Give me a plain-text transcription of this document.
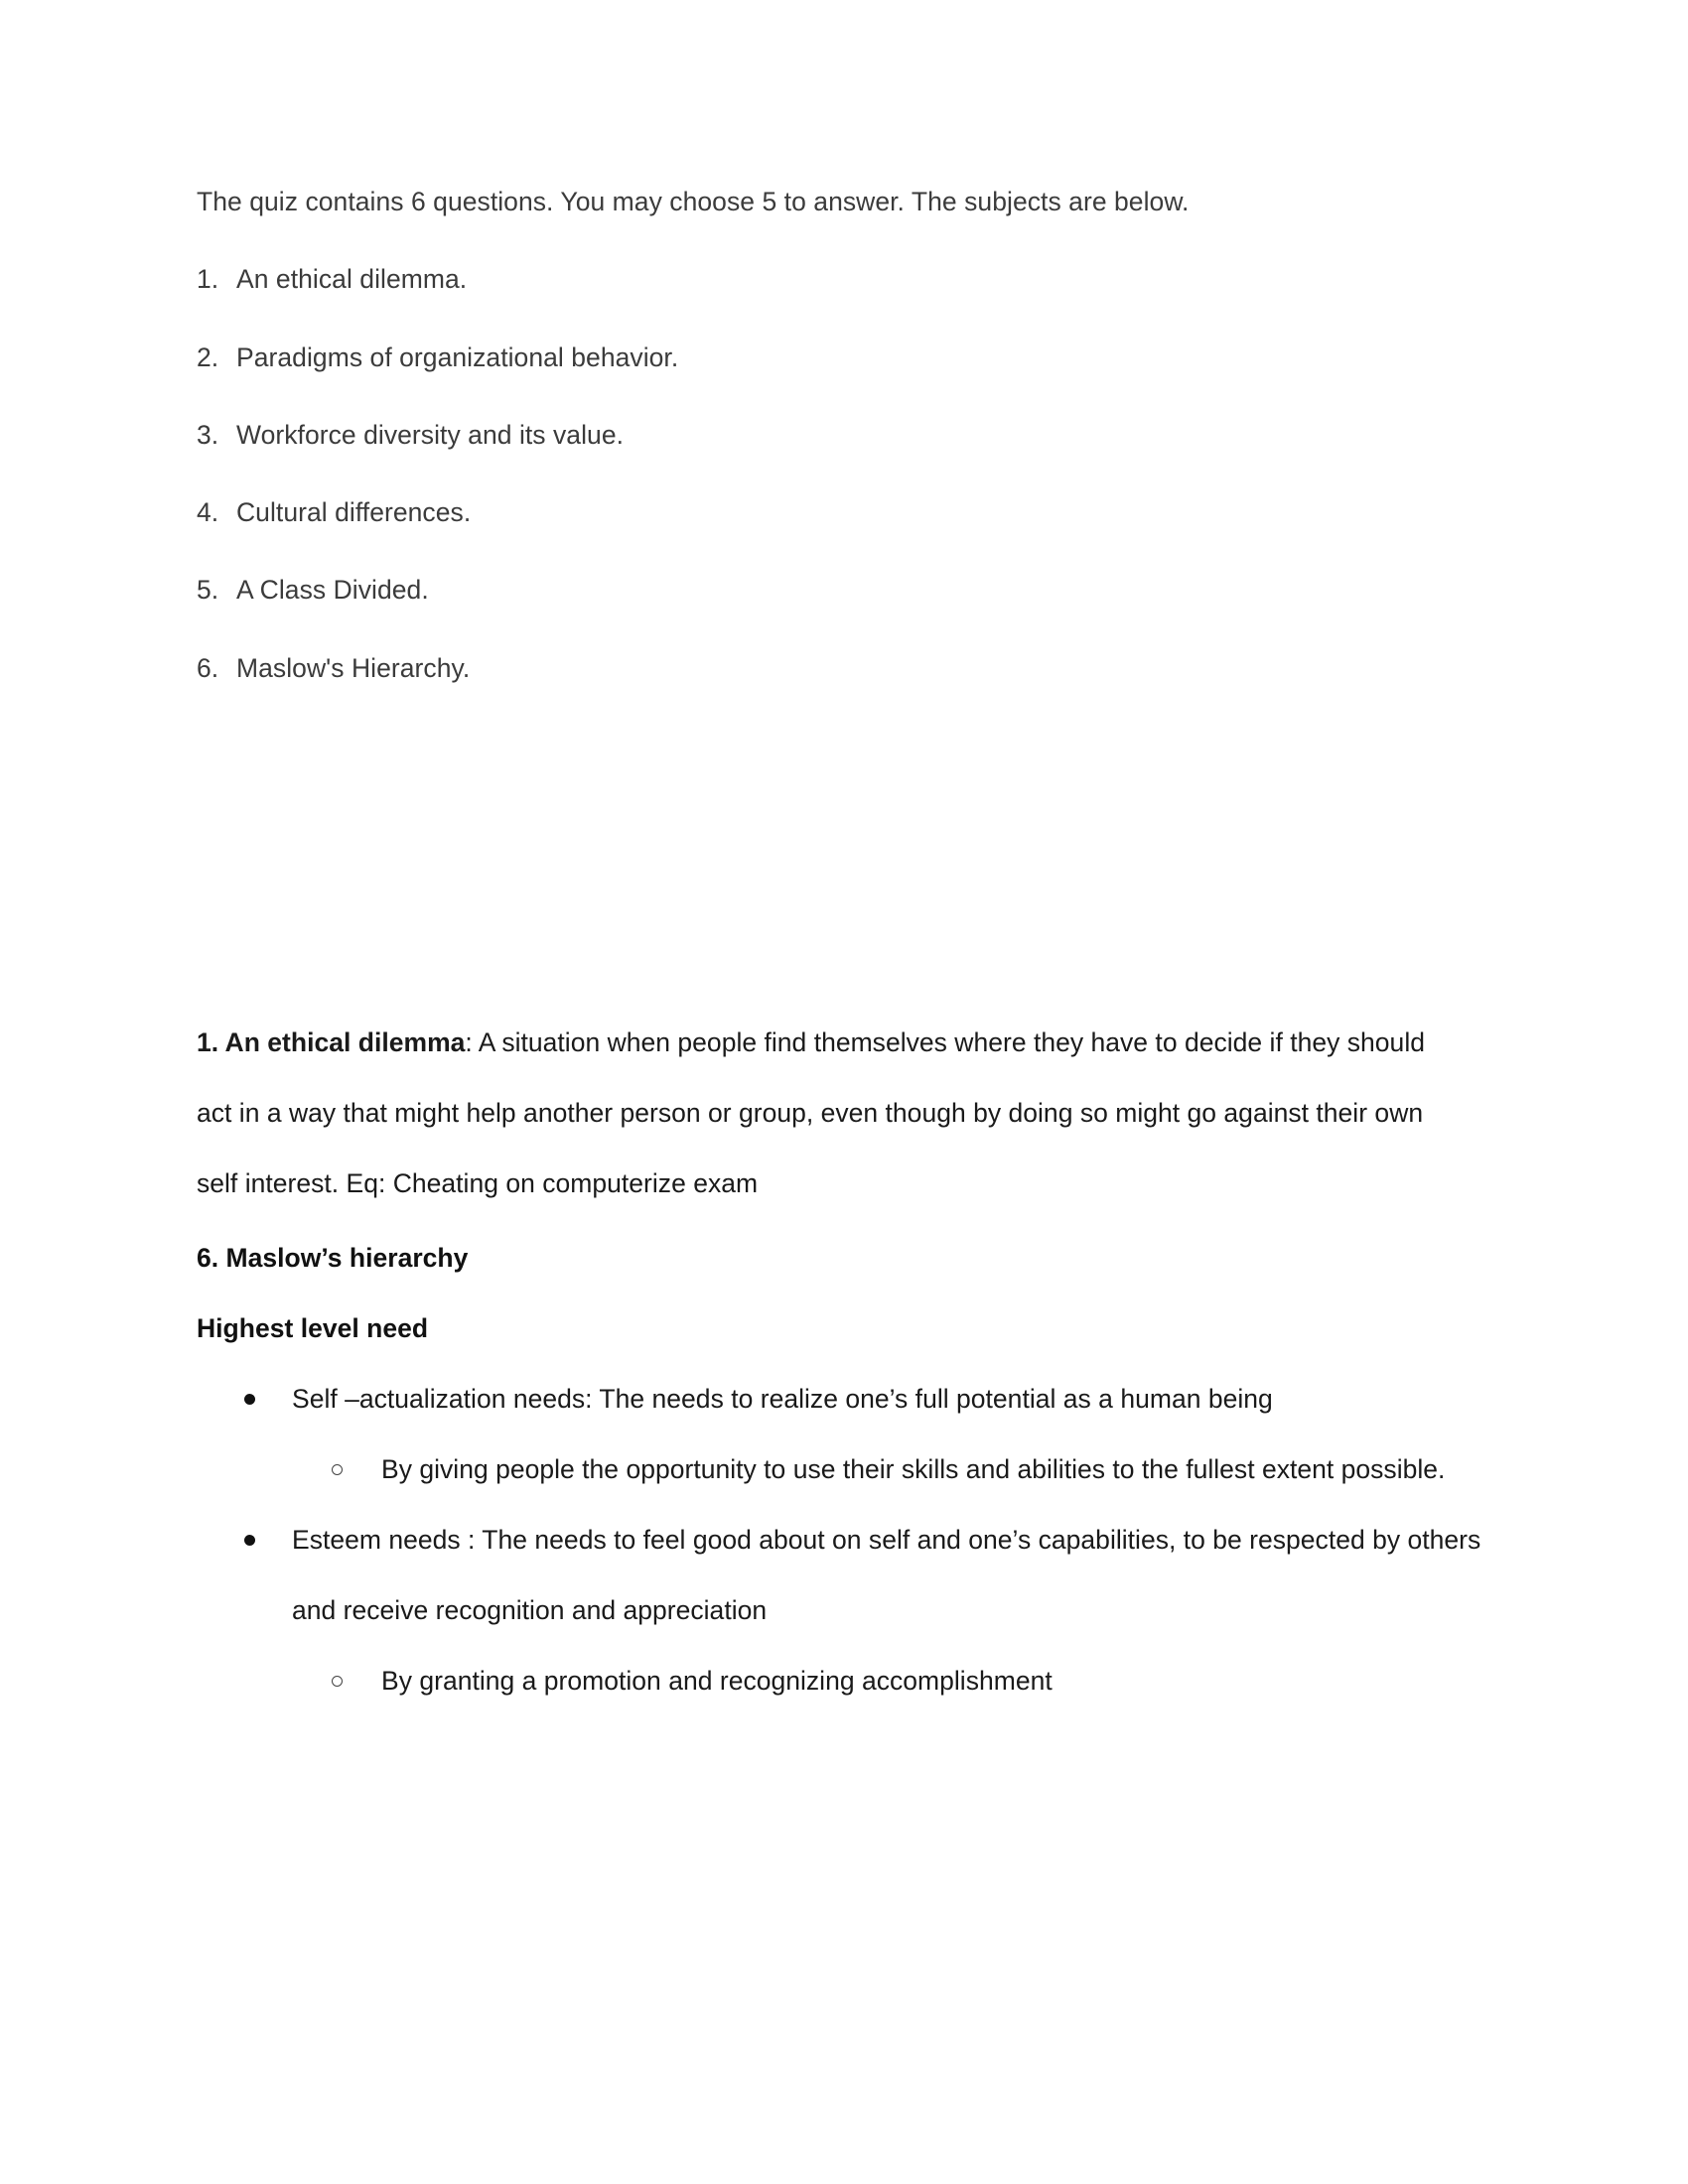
The quiz contains 6 questions. You may choose 5 to answer. The subjects are below.
1. An ethical dilemma.
2. Paradigms of organizational behavior.
3. Workforce diversity and its value.
4. Cultural differences.
5. A Class Divided.
6. Maslow's Hierarchy.

1. An ethical dilemma: A situation when people find themselves where they have to decide if they should act in a way that might help another person or group, even though by doing so might go against their own self interest. Eq: Cheating on computerize exam

6. Maslow’s hierarchy
Highest level need
Self –actualization needs: The needs to realize one’s full potential as a human being
By giving people the opportunity to use their skills and abilities to the fullest extent possible.
Esteem needs : The needs to feel good about on self and one’s capabilities, to be respected by others and receive recognition and appreciation
By granting a promotion and recognizing accomplishment
